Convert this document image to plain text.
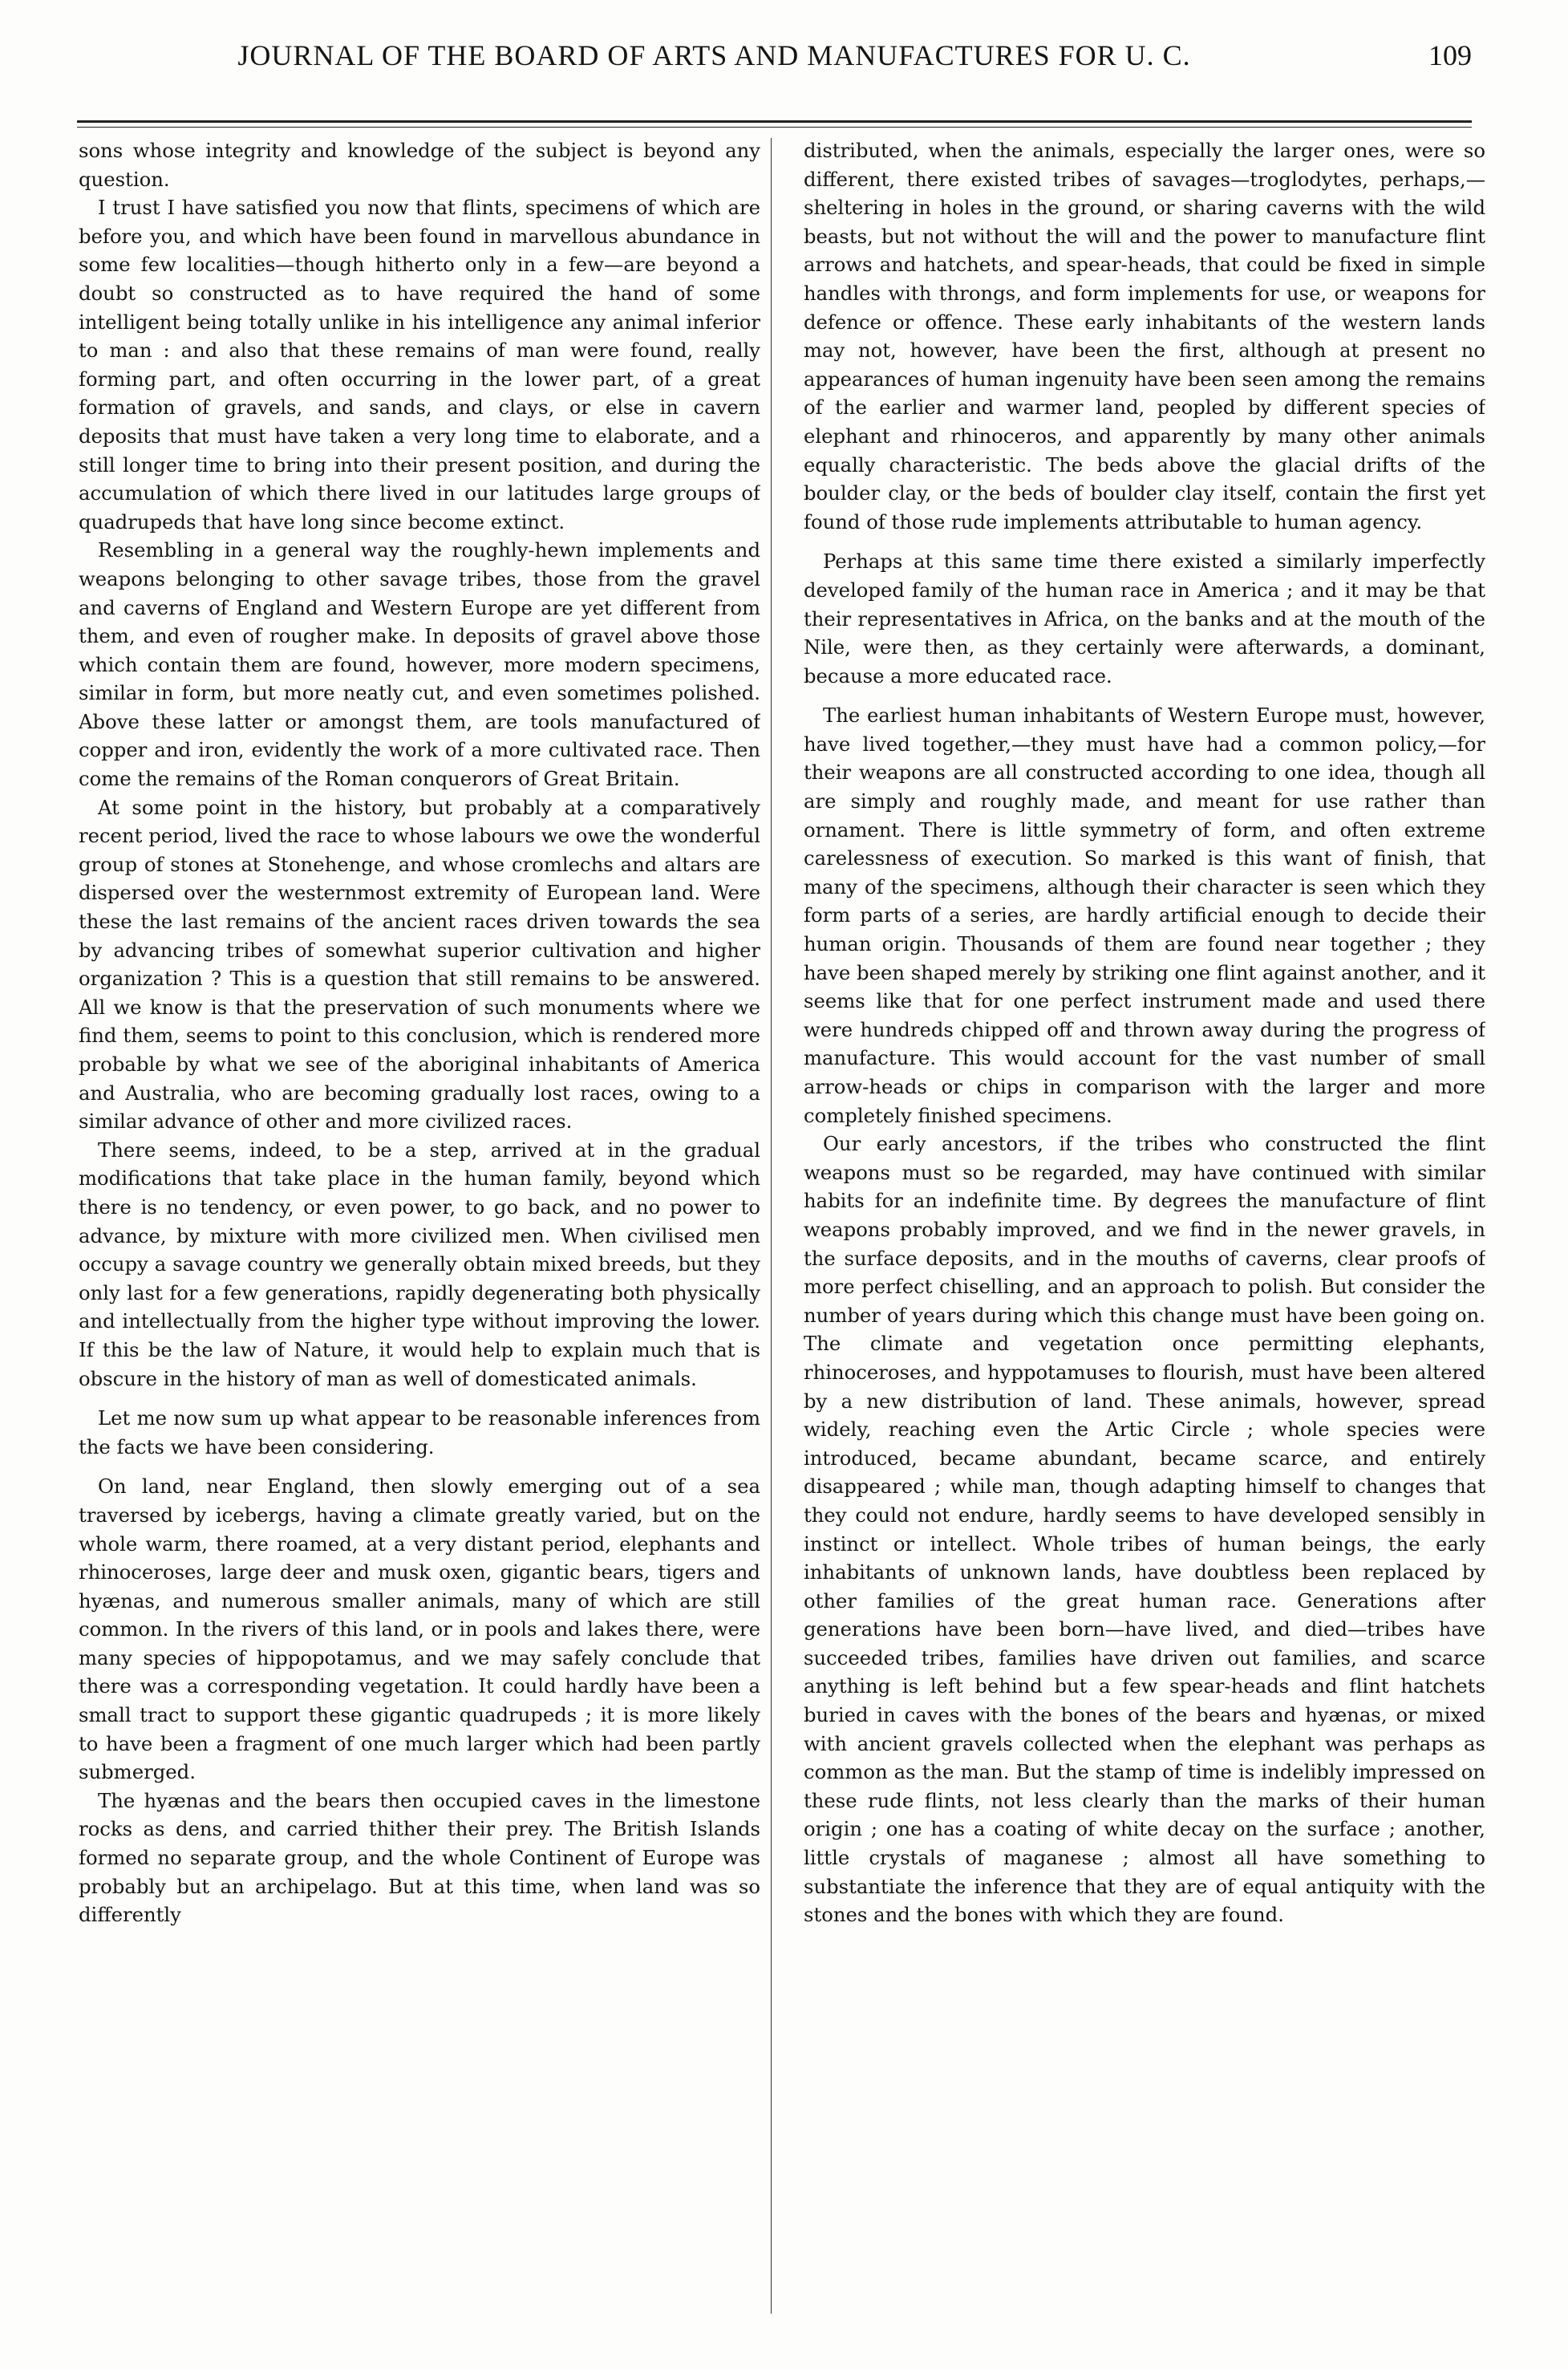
JOURNAL OF THE BOARD OF ARTS AND MANUFACTURES FOR U. C.	109

sons whose integrity and knowledge of the subject is beyond any question.

I trust I have satisfied you now that flints, specimens of which are before you, and which have been found in marvellous abundance in some few localities—though hitherto only in a few—are beyond a doubt so constructed as to have required the hand of some intelligent being totally unlike in his intelligence any animal inferior to man : and also that these remains of man were found, really forming part, and often occurring in the lower part, of a great formation of gravels, and sands, and clays, or else in cavern deposits that must have taken a very long time to elaborate, and a still longer time to bring into their present position, and during the accumulation of which there lived in our latitudes large groups of quadrupeds that have long since become extinct.

Resembling in a general way the roughly-hewn implements and weapons belonging to other savage tribes, those from the gravel and caverns of England and Western Europe are yet different from them, and even of rougher make. In deposits of gravel above those which contain them are found, however, more modern specimens, similar in form, but more neatly cut, and even sometimes polished. Above these latter or amongst them, are tools manufactured of copper and iron, evidently the work of a more cultivated race. Then come the remains of the Roman conquerors of Great Britain.

At some point in the history, but probably at a comparatively recent period, lived the race to whose labours we owe the wonderful group of stones at Stonehenge, and whose cromlechs and altars are dispersed over the westernmost extremity of European land. Were these the last remains of the ancient races driven towards the sea by advancing tribes of somewhat superior cultivation and higher organization ? This is a question that still remains to be answered. All we know is that the preservation of such monuments where we find them, seems to point to this conclusion, which is rendered more probable by what we see of the aboriginal inhabitants of America and Australia, who are becoming gradually lost races, owing to a similar advance of other and more civilized races.

There seems, indeed, to be a step, arrived at in the gradual modifications that take place in the human family, beyond which there is no tendency, or even power, to go back, and no power to advance, by mixture with more civilized men. When civilised men occupy a savage country we generally obtain mixed breeds, but they only last for a few generations, rapidly degenerating both physically and intellectually from the higher type without improving the lower. If this be the law of Nature, it would help to explain much that is obscure in the history of man as well of domesticated animals.

Let me now sum up what appear to be reasonable inferences from the facts we have been considering.

On land, near England, then slowly emerging out of a sea traversed by icebergs, having a climate greatly varied, but on the whole warm, there roamed, at a very distant period, elephants and rhinoceroses, large deer and musk oxen, gigantic bears, tigers and hyænas, and numerous smaller animals, many of which are still common. In the rivers of this land, or in pools and lakes there, were many species of hippopotamus, and we may safely conclude that there was a corresponding vegetation. It could hardly have been a small tract to support these gigantic quadrupeds ; it is more likely to have been a fragment of one much larger which had been partly submerged.

The hyænas and the bears then occupied caves in the limestone rocks as dens, and carried thither their prey. The British Islands formed no separate group, and the whole Continent of Europe was probably but an archipelago. But at this time, when land was so differently

distributed, when the animals, especially the larger ones, were so different, there existed tribes of savages—troglodytes, perhaps,—sheltering in holes in the ground, or sharing caverns with the wild beasts, but not without the will and the power to manufacture flint arrows and hatchets, and spear-heads, that could be fixed in simple handles with throngs, and form implements for use, or weapons for defence or offence. These early inhabitants of the western lands may not, however, have been the first, although at present no appearances of human ingenuity have been seen among the remains of the earlier and warmer land, peopled by different species of elephant and rhinoceros, and apparently by many other animals equally characteristic. The beds above the glacial drifts of the boulder clay, or the beds of boulder clay itself, contain the first yet found of those rude implements attributable to human agency.

Perhaps at this same time there existed a similarly imperfectly developed family of the human race in America ; and it may be that their representatives in Africa, on the banks and at the mouth of the Nile, were then, as they certainly were afterwards, a dominant, because a more educated race.

The earliest human inhabitants of Western Europe must, however, have lived together,—they must have had a common policy,—for their weapons are all constructed according to one idea, though all are simply and roughly made, and meant for use rather than ornament. There is little symmetry of form, and often extreme carelessness of execution. So marked is this want of finish, that many of the specimens, although their character is seen which they form parts of a series, are hardly artificial enough to decide their human origin. Thousands of them are found near together ; they have been shaped merely by striking one flint against another, and it seems like that for one perfect instrument made and used there were hundreds chipped off and thrown away during the progress of manufacture. This would account for the vast number of small arrow-heads or chips in comparison with the larger and more completely finished specimens.

Our early ancestors, if the tribes who constructed the flint weapons must so be regarded, may have continued with similar habits for an indefinite time. By degrees the manufacture of flint weapons probably improved, and we find in the newer gravels, in the surface deposits, and in the mouths of caverns, clear proofs of more perfect chiselling, and an approach to polish. But consider the number of years during which this change must have been going on. The climate and vegetation once permitting elephants, rhinoceroses, and hyppotamuses to flourish, must have been altered by a new distribution of land. These animals, however, spread widely, reaching even the Artic Circle ; whole species were introduced, became abundant, became scarce, and entirely disappeared ; while man, though adapting himself to changes that they could not endure, hardly seems to have developed sensibly in instinct or intellect. Whole tribes of human beings, the early inhabitants of unknown lands, have doubtless been replaced by other families of the great human race. Generations after generations have been born—have lived, and died—tribes have succeeded tribes, families have driven out families, and scarce anything is left behind but a few spear-heads and flint hatchets buried in caves with the bones of the bears and hyænas, or mixed with ancient gravels collected when the elephant was perhaps as common as the man. But the stamp of time is indelibly impressed on these rude flints, not less clearly than the marks of their human origin ; one has a coating of white decay on the surface ; another, little crystals of maganese ; almost all have something to substantiate the inference that they are of equal antiquity with the stones and the bones with which they are found.
